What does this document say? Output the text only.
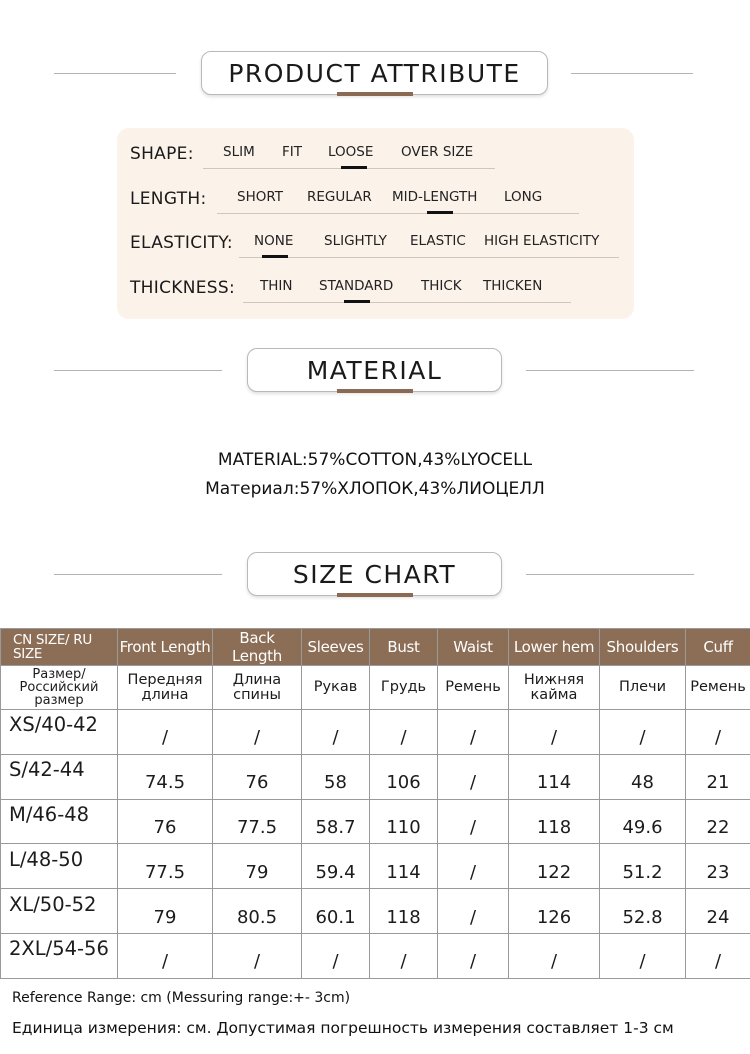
PRODUCT ATTRIBUTE
SHAPE: SLIM FIT LOOSE OVER SIZE
LENGTH: SHORT REGULAR MID-LENGTH LONG
ELASTICITY: NONE SLIGHTLY ELASTIC HIGH ELASTICITY
THICKNESS: THIN STANDARD THICK THICKEN
MATERIAL
MATERIAL:57%COTTON,43%LYOCELL
Материал:57%ХЛОПОК,43%ЛИОЦЕЛЛ
SIZE CHART
CN SIZE/ RU SIZE	Front Length	Back Length	Sleeves	Bust	Waist	Lower hem	Shoulders	Cuff
Размер/ Российский размер	Передняя длина	Длина спины	Рукав	Грудь	Ремень	Нижняя кайма	Плечи	Ремень
XS/40-42	/	/	/	/	/	/	/	/
S/42-44	74.5	76	58	106	/	114	48	21
M/46-48	76	77.5	58.7	110	/	118	49.6	22
L/48-50	77.5	79	59.4	114	/	122	51.2	23
XL/50-52	79	80.5	60.1	118	/	126	52.8	24
2XL/54-56	/	/	/	/	/	/	/	/
Reference Range: cm (Messuring range:+- 3cm)
Единица измерения: см. Допустимая погрешность измерения составляет 1-3 см
